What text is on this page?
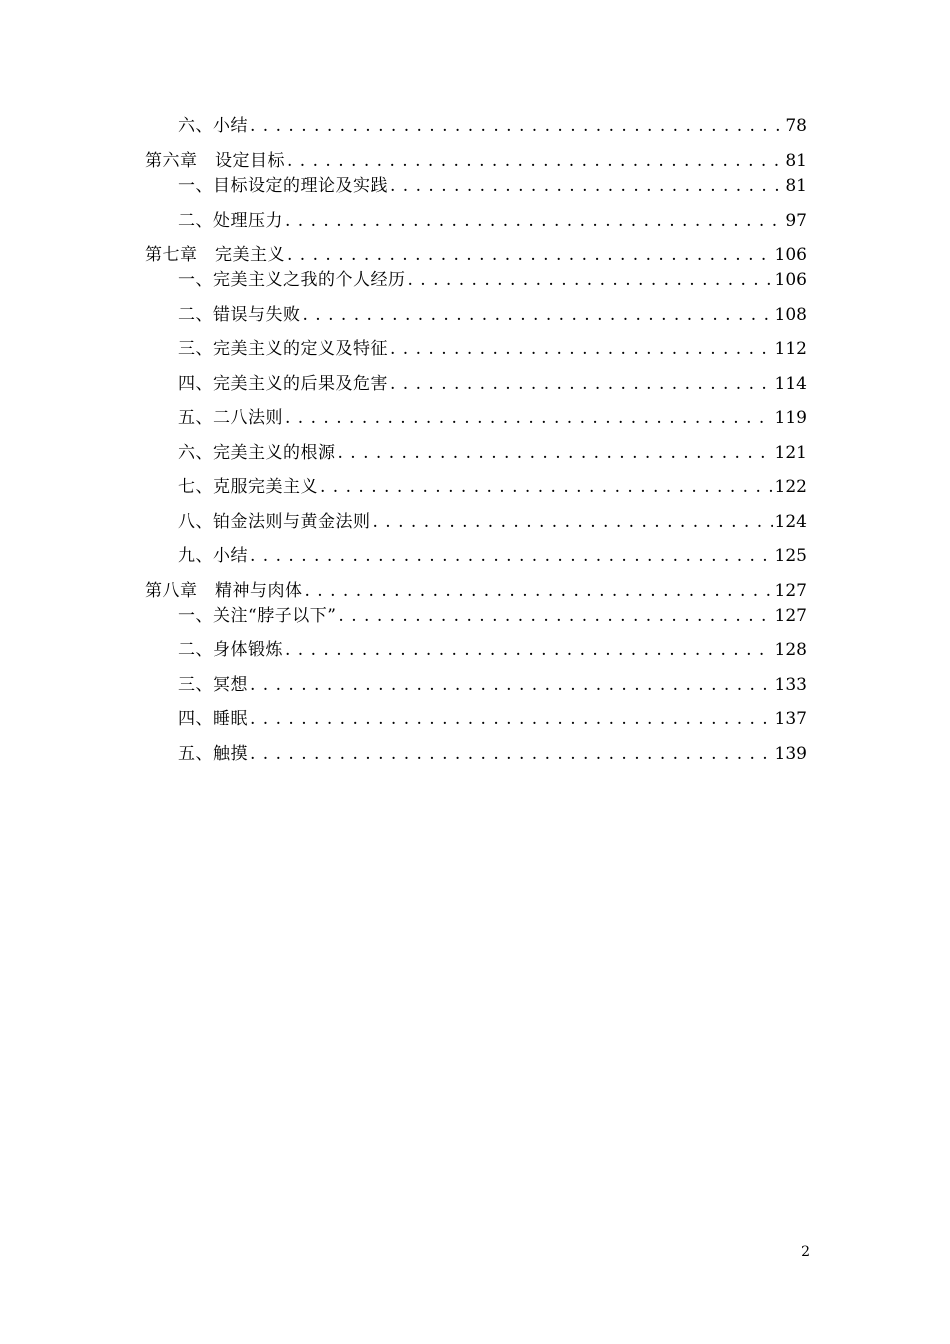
六、小结 . . .	78
第六章　设定目标 . . .	81
一、目标设定的理论及实践 . . .	81
二、处理压力 . . .	97
第七章　完美主义 . . .	106
一、完美主义之我的个人经历 . . .	106
二、错误与失败 . . .	108
三、完美主义的定义及特征 . . .	112
四、完美主义的后果及危害 . . .	114
五、二八法则 . . .	119
六、完美主义的根源 . . .	121
七、克服完美主义 . . .	122
八、铂金法则与黄金法则 . . .	124
九、小结 . . .	125
第八章　精神与肉体 . . .	127
一、关注“脖子以下” . . .	127
二、身体锻炼 . . .	128
三、冥想 . . .	133
四、睡眠 . . .	137
五、触摸 . . .	139
2
